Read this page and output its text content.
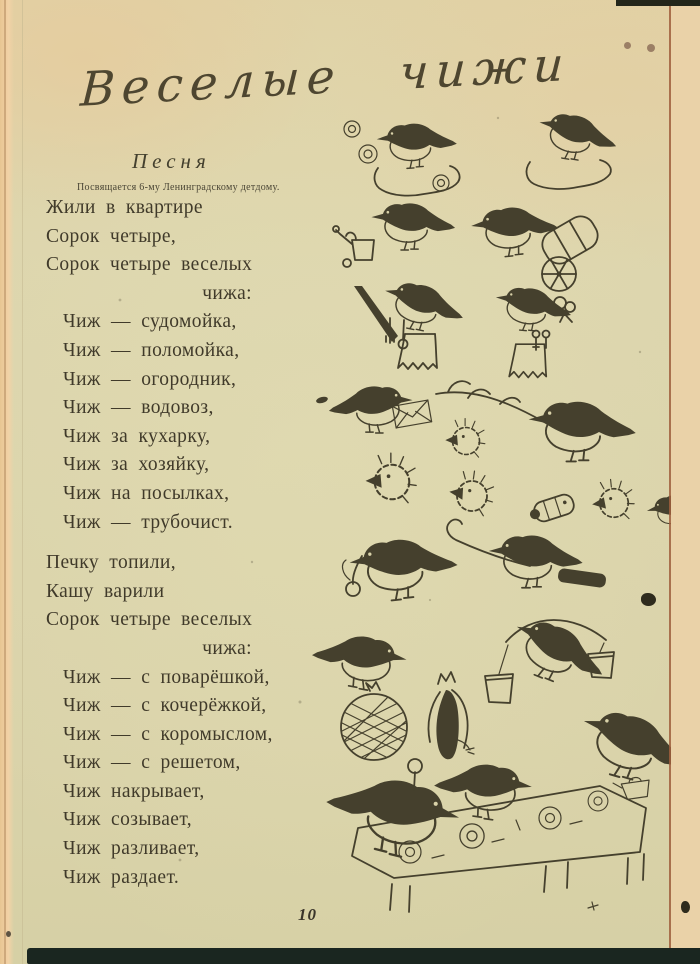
Веселые чижи
Песня
Посвящается 6-му Ленинградскому детдому.
Жили в квартире
Сорок четыре,
Сорок четыре веселых
чижа:
Чиж — судомойка,
Чиж — поломойка,
Чиж — огородник,
Чиж — водовоз,
Чиж за кухарку,
Чиж за хозяйку,
Чиж на посылках,
Чиж — трубочист.
Печку топили,
Кашу варили
Сорок четыре веселых
чижа:
Чиж — с поварёшкой,
Чиж — с кочерёжкой,
Чиж — с коромыслом,
Чиж — с решетом,
Чиж накрывает,
Чиж созывает,
Чиж разливает,
Чиж раздает.
10
